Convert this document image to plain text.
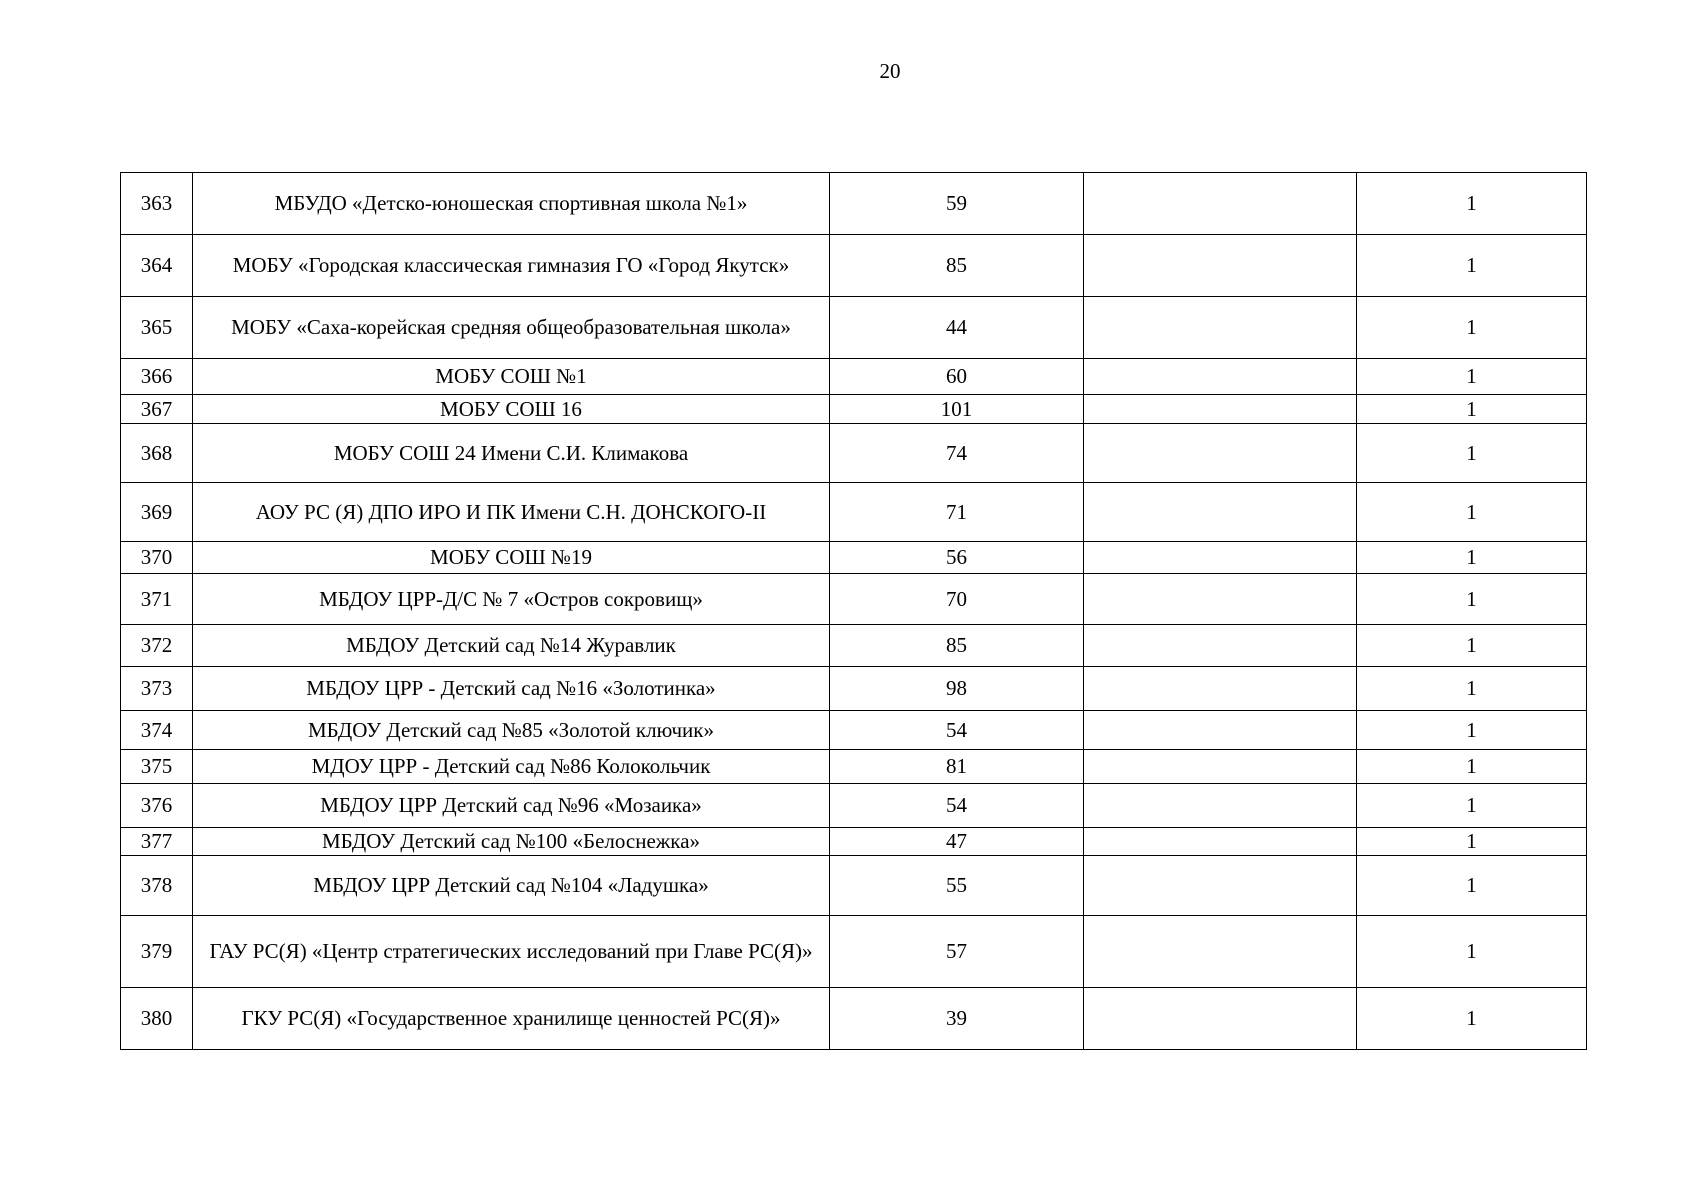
20
363	МБУДО «Детско-юношеская спортивная школа №1»	59		1
364	МОБУ «Городская классическая гимназия ГО «Город Якутск»	85		1
365	МОБУ «Саха-корейская средняя общеобразовательная школа»	44		1
366	МОБУ СОШ №1	60		1
367	МОБУ СОШ 16	101		1
368	МОБУ СОШ 24 Имени С.И. Климакова	74		1
369	АОУ РС (Я) ДПО ИРО И ПК Имени С.Н. ДОНСКОГО-II	71		1
370	МОБУ СОШ №19	56		1
371	МБДОУ ЦРР-Д/С № 7 «Остров сокровищ»	70		1
372	МБДОУ Детский сад №14 Журавлик	85		1
373	МБДОУ ЦРР - Детский сад №16 «Золотинка»	98		1
374	МБДОУ Детский сад №85 «Золотой ключик»	54		1
375	МДОУ ЦРР - Детский сад №86 Колокольчик	81		1
376	МБДОУ ЦРР Детский сад №96 «Мозаика»	54		1
377	МБДОУ Детский сад №100 «Белоснежка»	47		1
378	МБДОУ ЦРР Детский сад №104 «Ладушка»	55		1
379	ГАУ РС(Я) «Центр стратегических исследований при Главе РС(Я)»	57		1
380	ГКУ РС(Я) «Государственное хранилище ценностей РС(Я)»	39		1
